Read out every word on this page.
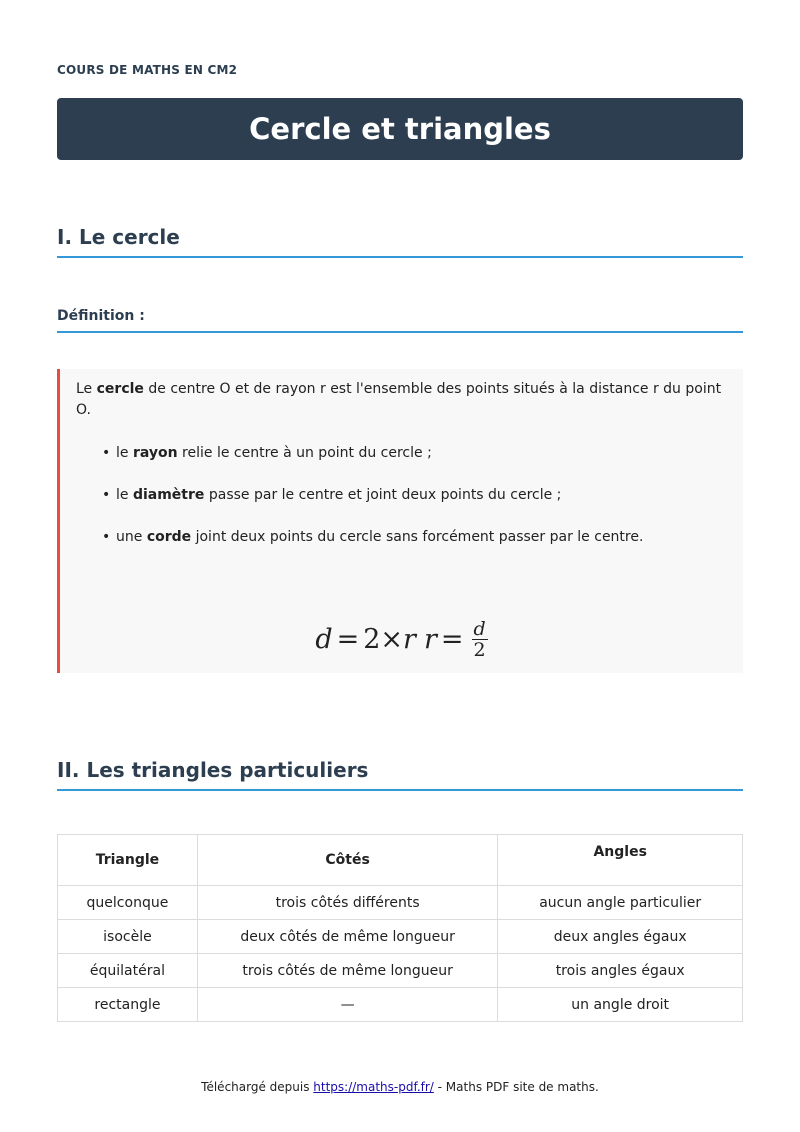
COURS DE MATHS EN CM2
Cercle et triangles
I. Le cercle
Définition :

Le cercle de centre O et de rayon r est l'ensemble des points situés à la distance r du point O.

• le rayon relie le centre à un point du cercle ;
• le diamètre passe par le centre et joint deux points du cercle ;
• une corde joint deux points du cercle sans forcément passer par le centre.
d = 2 × r $r = \frac{d}{2}$
II. Les triangles particuliers
Triangle	Côtés	Angles
quelconque	trois côtés différents	aucun angle particulier
isocèle	deux côtés de même longueur	deux angles égaux
équilatéral	trois côtés de même longueur	trois angles égaux
rectangle	—	un angle droit
Téléchargé depuis https://maths-pdf.fr/ - Maths PDF site de maths.
